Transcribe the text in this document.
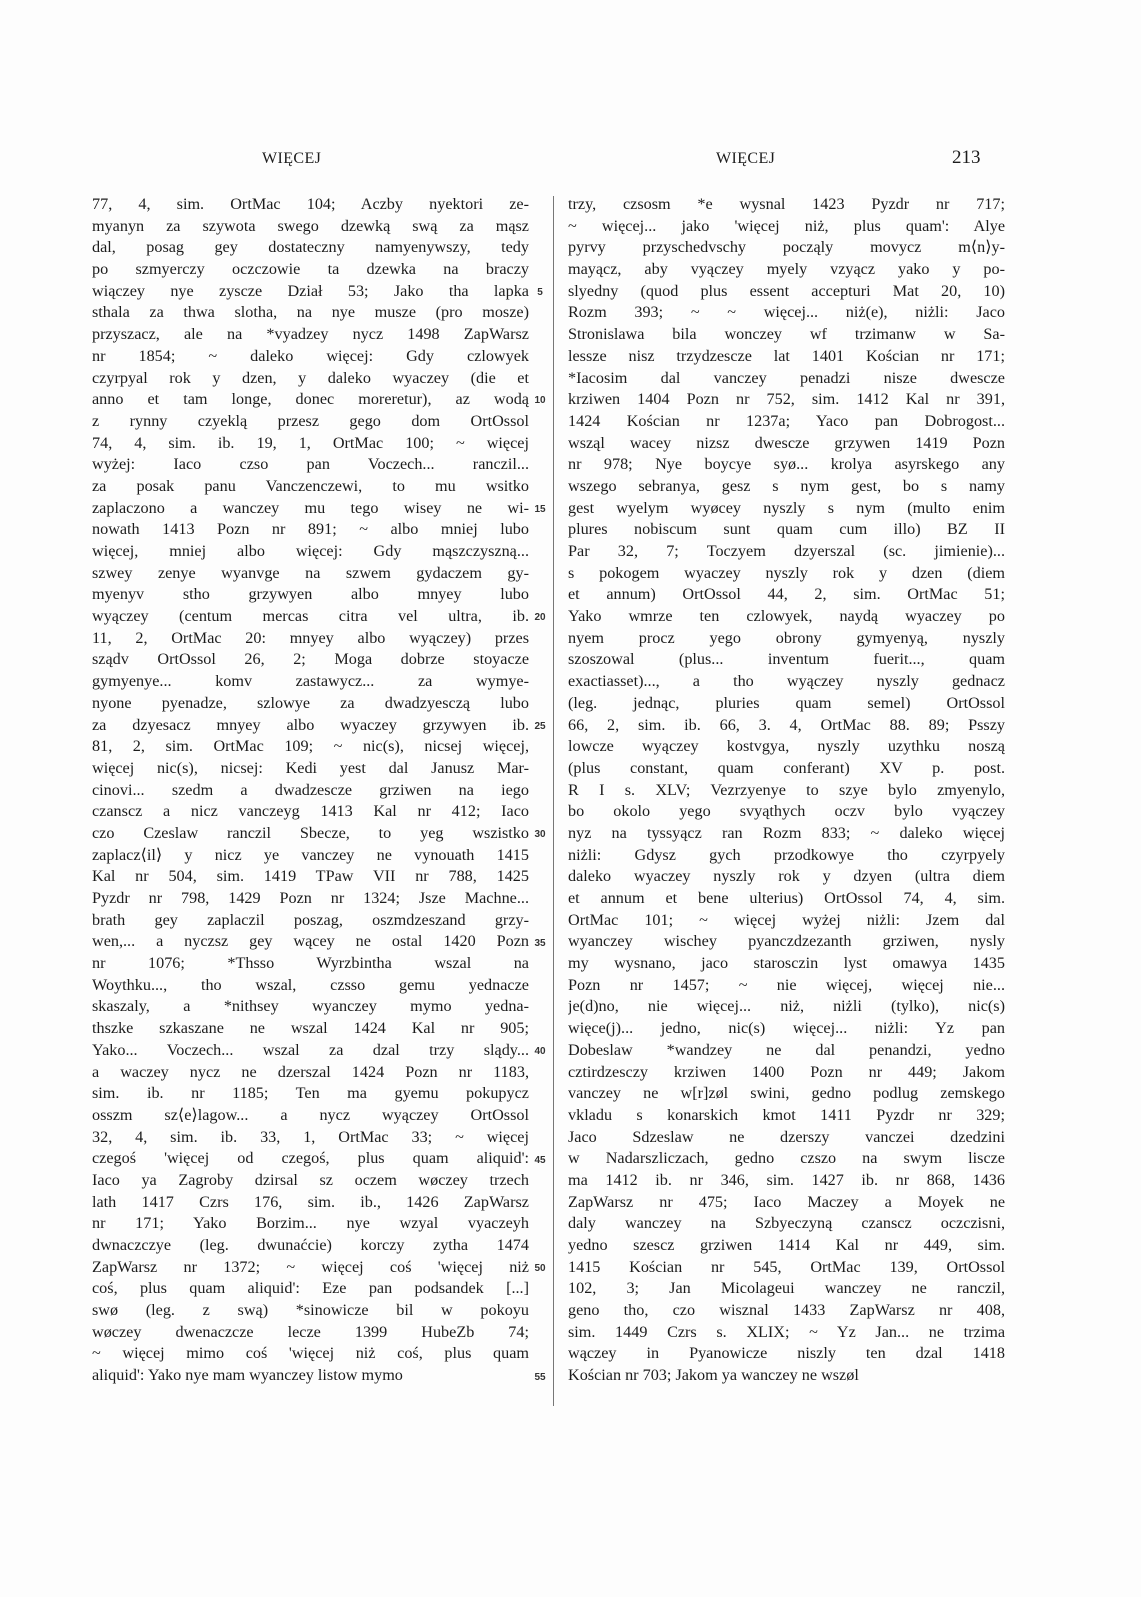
WIĘCEJ	WIĘCEJ	213
77, 4, sim. OrtMac 104; Aczby nyektori ze-
myanyn za szywota swego dzewką swą za mąsz
dal, posag gey dostateczny namyenywszy, tedy
po szmyerczy oczczowie ta dzewka na braczy
wiączey nye zyscze Dział 53; Jako tha lapka
sthala za thwa slotha, na nye musze (pro mosze)
przyszacz, ale na *vyadzey nycz 1498 ZapWarsz
nr 1854; ~ daleko więcej: Gdy czlowyek
czyrpyal rok y dzen, y daleko wyaczey (die et
anno et tam longe, donec moreretur), az wodą
z rynny czyeklą przesz gego dom OrtOssol
74, 4, sim. ib. 19, 1, OrtMac 100; ~ więcej
wyżej: Iaco czso pan Voczech... ranczil...
za posak panu Vanczenczewi, to mu wsitko
zaplaczono a wanczey mu tego wisey ne wi-
nowath 1413 Pozn nr 891; ~ albo mniej lubo
więcej, mniej albo więcej: Gdy mąszczyszną...
szwey zenye wyanvge na szwem gydaczem gy-
myenyv stho grzywyen albo mnyey lubo
wyączey (centum mercas citra vel ultra, ib.
11, 2, OrtMac 20: mnyey albo wyączey) przes
sządv OrtOssol 26, 2; Moga dobrze stoyacze
gymyenye... komv zastawycz... za wymye-
nyone pyenadze, szlowye za dwadzyesczą lubo
za dzyesacz mnyey albo wyaczey grzywyen ib.
81, 2, sim. OrtMac 109; ~ nic(s), nicsej więcej,
więcej nic(s), nicsej: Kedi yest dal Janusz Mar-
cinovi... szedm a dwadzescze grziwen na iego
czanscz a nicz vanczeyg 1413 Kal nr 412; Iaco
czo Czeslaw ranczil Sbecze, to yeg wszistko
zaplacz⟨il⟩ y nicz ye vanczey ne vynouath 1415
Kal nr 504, sim. 1419 TPaw VII nr 788, 1425
Pyzdr nr 798, 1429 Pozn nr 1324; Jsze Machne...
brath gey zaplaczil poszag, oszmdzeszand grzy-
wen,... a nyczsz gey wącey ne ostal 1420 Pozn
nr 1076; *Thsso Wyrzbintha wszal na
Woythku..., tho wszal, czsso gemu yednacze
skaszaly, a *nithsey wyanczey mymo yedna-
thszke szkaszane ne wszal 1424 Kal nr 905;
Yako... Voczech... wszal za dzal trzy slądy...
a waczey nycz ne dzerszal 1424 Pozn nr 1183,
sim. ib. nr 1185; Ten ma gyemu pokupycz
osszm sz⟨e⟩lagow... a nycz wyączey OrtOssol
32, 4, sim. ib. 33, 1, OrtMac 33; ~ więcej
czegoś 'więcej od czegoś, plus quam aliquid':
Iaco ya Zagroby dzirsal sz oczem wøczey trzech
lath 1417 Czrs 176, sim. ib., 1426 ZapWarsz
nr 171; Yako Borzim... nye wzyal vyaczeyh
dwnaczczye (leg. dwunaćcie) korczy zytha 1474
ZapWarsz nr 1372; ~ więcej coś 'więcej niż
coś, plus quam aliquid': Eze pan podsandek [...]
swø (leg. z swą) *sinowicze bil w pokoyu
wøczey dwenaczcze lecze 1399 HubeZb 74;
~ więcej mimo coś 'więcej niż coś, plus quam
aliquid': Yako nye mam wyanczey listow mymo
5
10
15
20
25
30
35
40
45
50
55
trzy, czsosm *e wysnal 1423 Pyzdr nr 717;
~ więcej... jako 'więcej niż, plus quam': Alye
pyrvy przyschedvschy począly movycz m⟨n⟩y-
mayącz, aby vyączey myely vzyącz yako y po-
slyedny (quod plus essent accepturi Mat 20, 10)
Rozm 393; ~ ~ więcej... niż(e), niżli: Jaco
Stronislawa bila wonczey wf trzimanw w Sa-
lessze nisz trzydzescze lat 1401 Kościan nr 171;
*Iacosim dal vanczey penadzi nisze dwescze
krziwen 1404 Pozn nr 752, sim. 1412 Kal nr 391,
1424 Kościan nr 1237a; Yaco pan Dobrogost...
wsząl wacey nizsz dwescze grzywen 1419 Pozn
nr 978; Nye boycye syø... krolya asyrskego any
wszego sebranya, gesz s nym gest, bo s namy
gest wyelym wyøcey nyszly s nym (multo enim
plures nobiscum sunt quam cum illo) BZ II
Par 32, 7; Toczyem dzyerszal (sc. jimienie)...
s pokogem wyaczey nyszly rok y dzen (diem
et annum) OrtOssol 44, 2, sim. OrtMac 51;
Yako wmrze ten czlowyek, naydą wyaczey po
nyem procz yego obrony gymyenyą, nyszly
szoszowal (plus... inventum fuerit..., quam
exactiasset)..., a tho wyączey nyszly gednacz
(leg. jednąc, pluries quam semel) OrtOssol
66, 2, sim. ib. 66, 3. 4, OrtMac 88. 89; Psszy
lowcze wyączey kostvgya, nyszly uzythku noszą
(plus constant, quam conferant) XV p. post.
R I s. XLV; Vezrzyenye to szye bylo zmyenylo,
bo okolo yego svyąthych oczv bylo vyączey
nyz na tyssyącz ran Rozm 833; ~ daleko więcej
niżli: Gdysz gych przodkowye tho czyrpyely
daleko wyaczey nyszly rok y dzyen (ultra diem
et annum et bene ulterius) OrtOssol 74, 4, sim.
OrtMac 101; ~ więcej wyżej niżli: Jzem dal
wyanczey wischey pyanczdzezanth grziwen, nysly
my wysnano, jaco starosczin lyst omawya 1435
Pozn nr 1457; ~ nie więcej, więcej nie...
je(d)no, nie więcej... niż, niżli (tylko), nic(s)
więce(j)... jedno, nic(s) więcej... niżli: Yz pan
Dobeslaw *wandzey ne dal penandzi, yedno
cztirdzesczy krziwen 1400 Pozn nr 449; Jakom
vanczey ne w[r]zøl swini, gedno podlug zemskego
vkladu s konarskich kmot 1411 Pyzdr nr 329;
Jaco Sdzeslaw ne dzerszy vanczei dzedzini
w Nadarszliczach, gedno czszo na swym liscze
ma 1412 ib. nr 346, sim. 1427 ib. nr 868, 1436
ZapWarsz nr 475; Iaco Maczey a Moyek ne
daly wanczey na Szbyeczyną czanscz oczczisni,
yedno szescz grziwen 1414 Kal nr 449, sim.
1415 Kościan nr 545, OrtMac 139, OrtOssol
102, 3; Jan Micolageui wanczey ne ranczil,
geno tho, czo wisznal 1433 ZapWarsz nr 408,
sim. 1449 Czrs s. XLIX; ~ Yz Jan... ne trzima
wączey in Pyanowicze niszly ten dzal 1418
Kościan nr 703; Jakom ya wanczey ne wszøl
